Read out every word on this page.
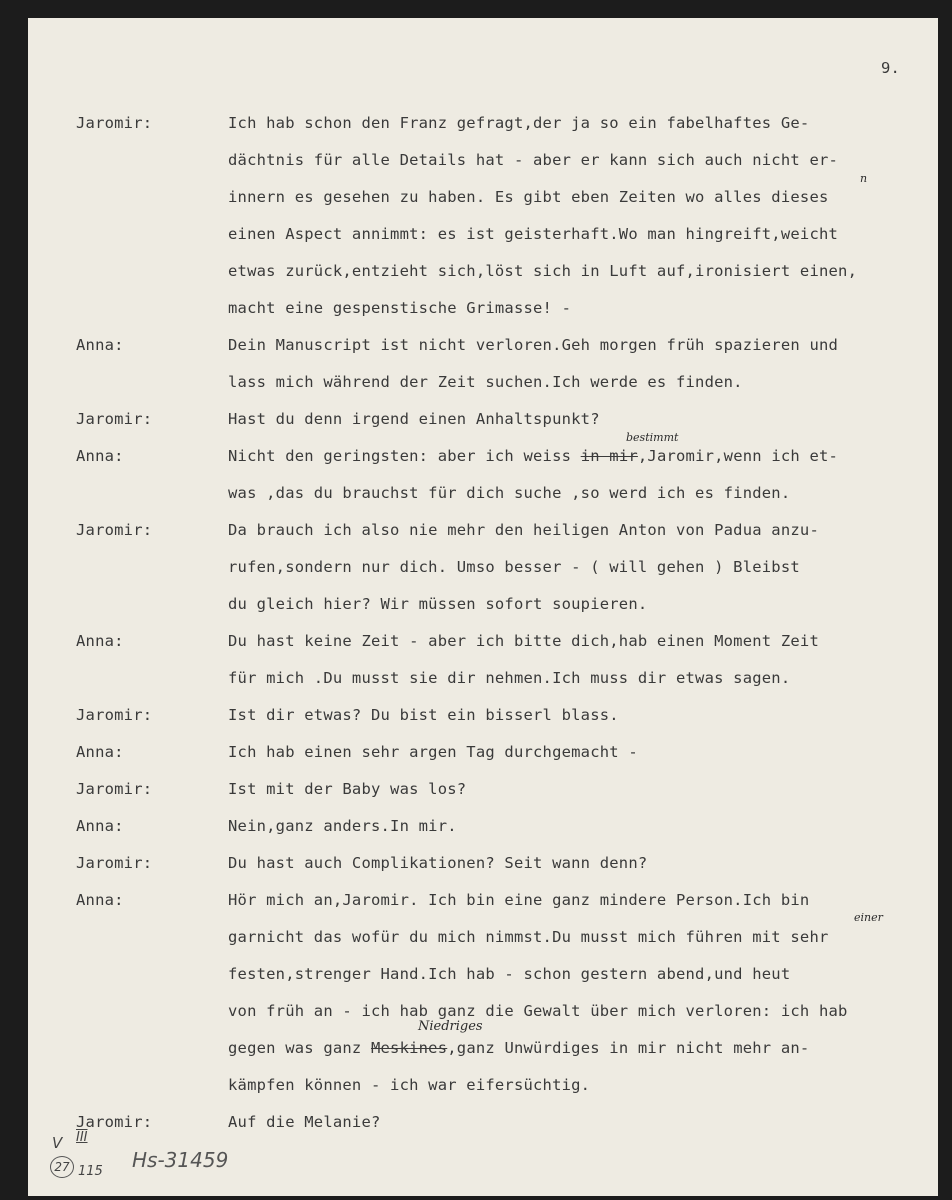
9.
Jaromir:	Ich hab schon den Franz gefragt,der ja so ein fabelhaftes Ge-
dächtnis für alle Details hat - aber er kann sich auch nicht er-
innern es gesehen zu haben. Es gibt eben Zeiten wo alles dieses
n
einen Aspect annimmt: es ist geisterhaft.Wo man hingreift,weicht
etwas zurück,entzieht sich,löst sich in Luft auf,ironisiert einen,
macht eine gespenstische Grimasse! -
Anna:	Dein Manuscript ist nicht verloren.Geh morgen früh spazieren und
lass mich während der Zeit suchen.Ich werde es finden.
Jaromir:	Hast du denn irgend einen Anhaltspunkt?
Anna:	Nicht den geringsten: aber ich weiss in mir,Jaromir,wenn ich et-
bestimmt
was ,das du brauchst für dich suche ,so werd ich es finden.
Jaromir:	Da brauch ich also nie mehr den heiligen Anton von Padua anzu-
rufen,sondern nur dich. Umso besser - ( will gehen ) Bleibst
du gleich hier? Wir müssen sofort soupieren.
Anna:	Du hast keine Zeit - aber ich bitte dich,hab einen Moment Zeit
für mich .Du musst sie dir nehmen.Ich muss dir etwas sagen.
Jaromir:	Ist dir etwas? Du bist ein bisserl blass.
Anna:	Ich hab einen sehr argen Tag durchgemacht -
Jaromir:	Ist mit der Baby was los?
Anna:	Nein,ganz anders.In mir.
Jaromir:	Du hast auch Complikationen? Seit wann denn?
Anna:	Hör mich an,Jaromir. Ich bin eine ganz mindere Person.Ich bin
garnicht das wofür du mich nimmst.Du musst mich führen mit sehr
einer
festen,strenger Hand.Ich hab - schon gestern abend,und heut
von früh an - ich hab ganz die Gewalt über mich verloren: ich hab
gegen was ganz Meskines,ganz Unwürdiges in mir nicht mehr an-
Niedriges
kämpfen können - ich war eifersüchtig.
Jaromir:	Auf die Melanie?
V III
27 115 Hs-31459
